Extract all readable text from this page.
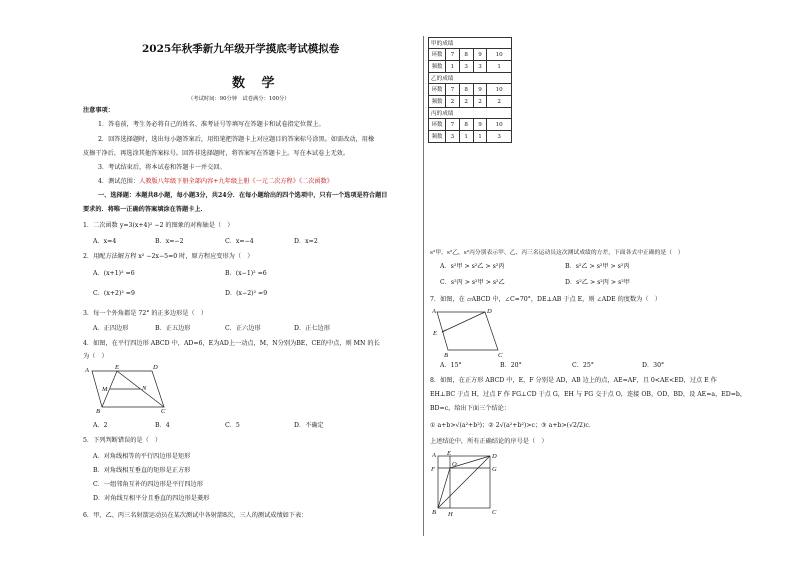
2025年秋季新九年级开学摸底考试模拟卷
数 学
（考试时间：90分钟　试卷满分：100分）
注意事项：
1．答卷前，考生务必将自己的姓名、准考证号等填写在答题卡和试卷指定位置上。
2．回答选择题时，选出每小题答案后，用铅笔把答题卡上对应题目的答案标号涂黑。如需改动，用橡
皮擦干净后，再选涂其他答案标号。回答非选择题时，将答案写在答题卡上。写在本试卷上无效。
3．考试结束后，将本试卷和答题卡一并交回。
4．测试范围：人教版八年级下册全部内容+九年级上册《一元二次方程》《二次函数》
一、选择题：本题共8小题，每小题3分，共24分．在每小题给出的四个选项中，只有一个选项是符合题目
要求的．将唯一正确的答案填涂在答题卡上．
1．二次函数 y=3(x+4)² −2 的图象的对称轴是（　）
A．x=4	B．x=−2	C．x=−4	D．x=2
2．用配方法解方程 x² −2x−5=0 时，原方程应变形为（　）
A．(x+1)² =6	B．(x−1)² =6
C．(x+2)² =9	D．(x−2)² =9
3．每一个外角都是 72° 的正多边形是（　）
A．正四边形	B．正五边形	C．正六边形	D．正七边形
4．如图，在平行四边形 ABCD 中，AD=6，E为AD上一动点，M，N分别为BE，CE的中点，则 MN 的长
为（　）
A	E	D
M	N
B	C
A．2	B．4	C．5	D．不确定
5．下列判断错误的是（　）
A．对角线相等的平行四边形是矩形
B．对角线相互垂直的矩形是正方形
C．一组邻角互补的四边形是平行四边形
D．对角线互相平分且垂直的四边形是菱形
6．甲、乙、丙三名射箭运动员在某次测试中各射箭8次，三人的测试成绩如下表：
甲的成绩				
环数	7	8	9	10
频数	1	3	3	1
乙的成绩				
环数	7	8	9	10
频数	2	2	2	2
丙的成绩				
环数	7	8	9	10
频数	3	1	1	3
s²甲，s²乙，s²丙分别表示甲、乙、丙三名运动员这次测试成绩的方差，下面各式中正确的是（　）
A．s²甲 > s²乙 > s²丙	B．s²乙 > s²甲 > s²丙
C．s²丙 > s²甲 > s²乙	D．s²乙 > s²丙 > s²甲
7．如图，在 ▱ABCD 中，∠C=70°，DE⊥AB 于点 E，则 ∠ADE 的度数为（　）
A	D
E
B	C
A．15°	B．20°	C．25°	D．30°
8．如图，在正方形 ABCD 中，E，F 分别是 AD，AB 边上的点，AE=AF，且 0<AE<ED，过点 E 作
EH⊥BC 于点 H，过点 F 作 FG⊥CD 于点 G，EH 与 FG 交于点 O，连接 OB，OD，BD，设 AE=a，ED=b，
BD=c，给出下面三个结论：
① a+b>√(a²+b²)；② 2√(a²+b²)>c；③ a+b>(√2/2)c．
上述结论中，所有正确结论的序号是（　）
A E	D
F
O
G
B H	C
